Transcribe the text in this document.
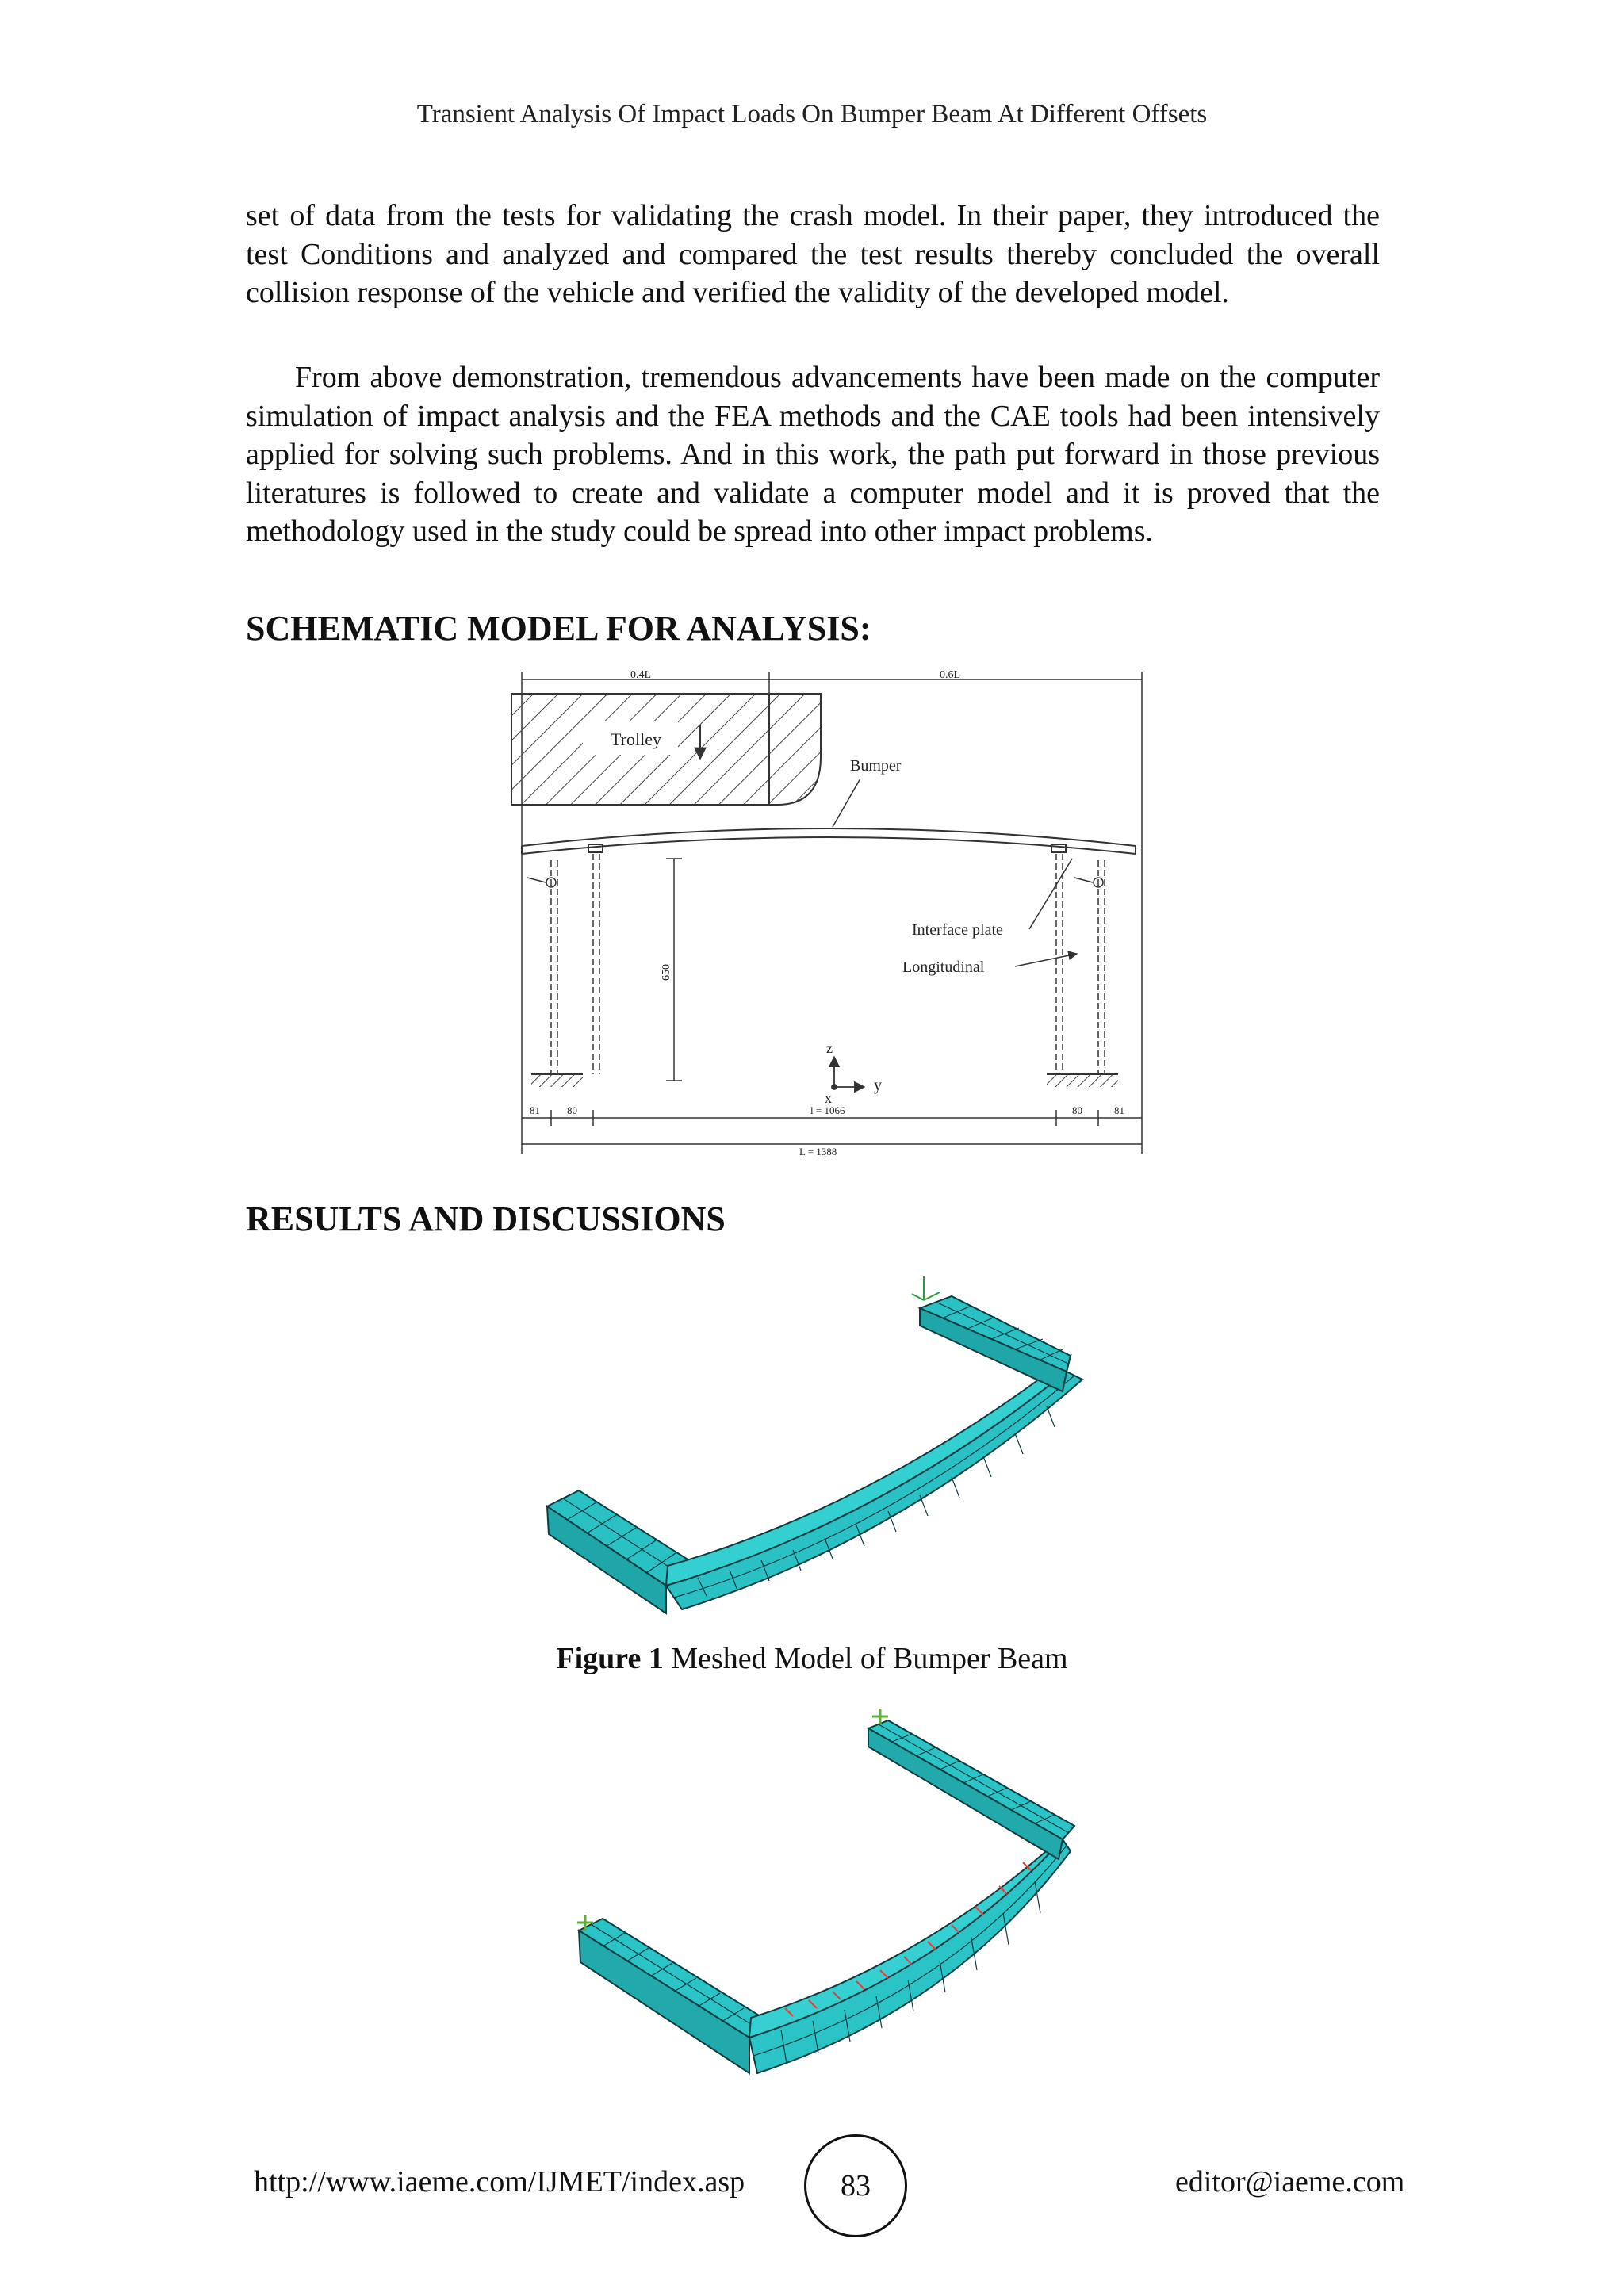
Transient Analysis Of Impact Loads On Bumper Beam At Different Offsets

set of data from the tests for validating the crash model. In their paper, they introduced the test Conditions and analyzed and compared the test results thereby concluded the overall collision response of the vehicle and verified the validity of the developed model.

From above demonstration, tremendous advancements have been made on the computer simulation of impact analysis and the FEA methods and the CAE tools had been intensively applied for solving such problems. And in this work, the path put forward in those previous literatures is followed to create and validate a computer model and it is proved that the methodology used in the study could be spread into other impact problems.

SCHEMATIC MODEL FOR ANALYSIS:
0.4L	0.6L
Trolley
Bumper
650
Interface plate
Longitudinal
z
x
y
81	80	l = 1066	80	81
L = 1388
RESULTS AND DISCUSSIONS
Figure 1 Meshed Model of Bumper Beam
http://www.iaeme.com/IJMET/index.asp	83	editor@iaeme.com
